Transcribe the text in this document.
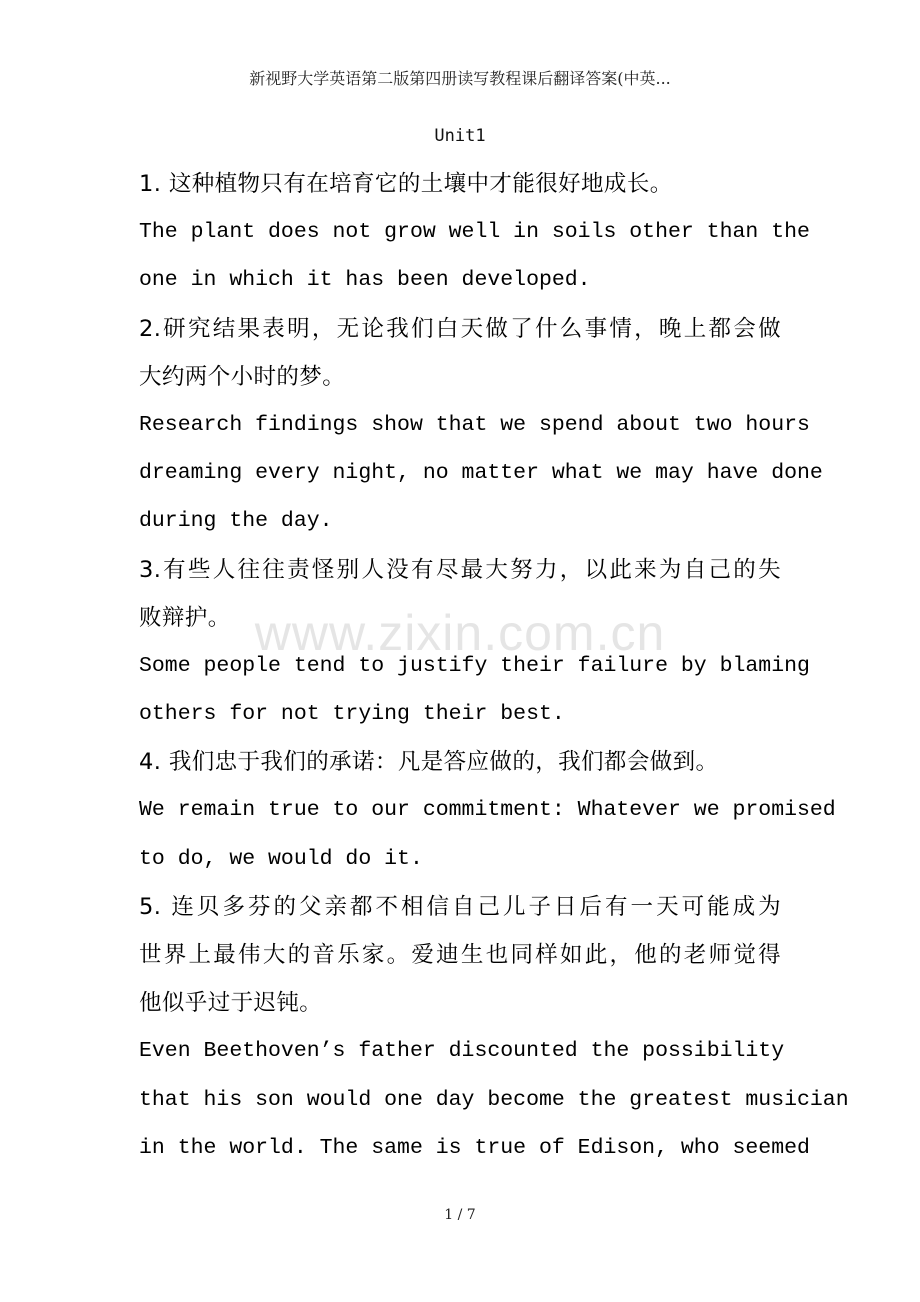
新视野大学英语第二版第四册读写教程课后翻译答案(中英...
Unit1
1. 这种植物只有在培育它的土壤中才能很好地成长。
The plant does not grow well in soils other than the
one in which it has been developed.
2.研究结果表明，无论我们白天做了什么事情，晚上都会做
大约两个小时的梦。
Research findings show that we spend about two hours
dreaming every night, no matter what we may have done
during the day.
3.有些人往往责怪别人没有尽最大努力，以此来为自己的失
败辩护。
Some people tend to justify their failure by blaming
others for not trying their best.
4. 我们忠于我们的承诺：凡是答应做的，我们都会做到。
We remain true to our commitment: Whatever we promised
to do, we would do it.
5. 连贝多芬的父亲都不相信自己儿子日后有一天可能成为
世界上最伟大的音乐家。爱迪生也同样如此，他的老师觉得
他似乎过于迟钝。
Even Beethoven’s father discounted the possibility
that his son would one day become the greatest musician
in the world. The same is true of Edison, who seemed
www.zixin.com.cn
1 / 7
